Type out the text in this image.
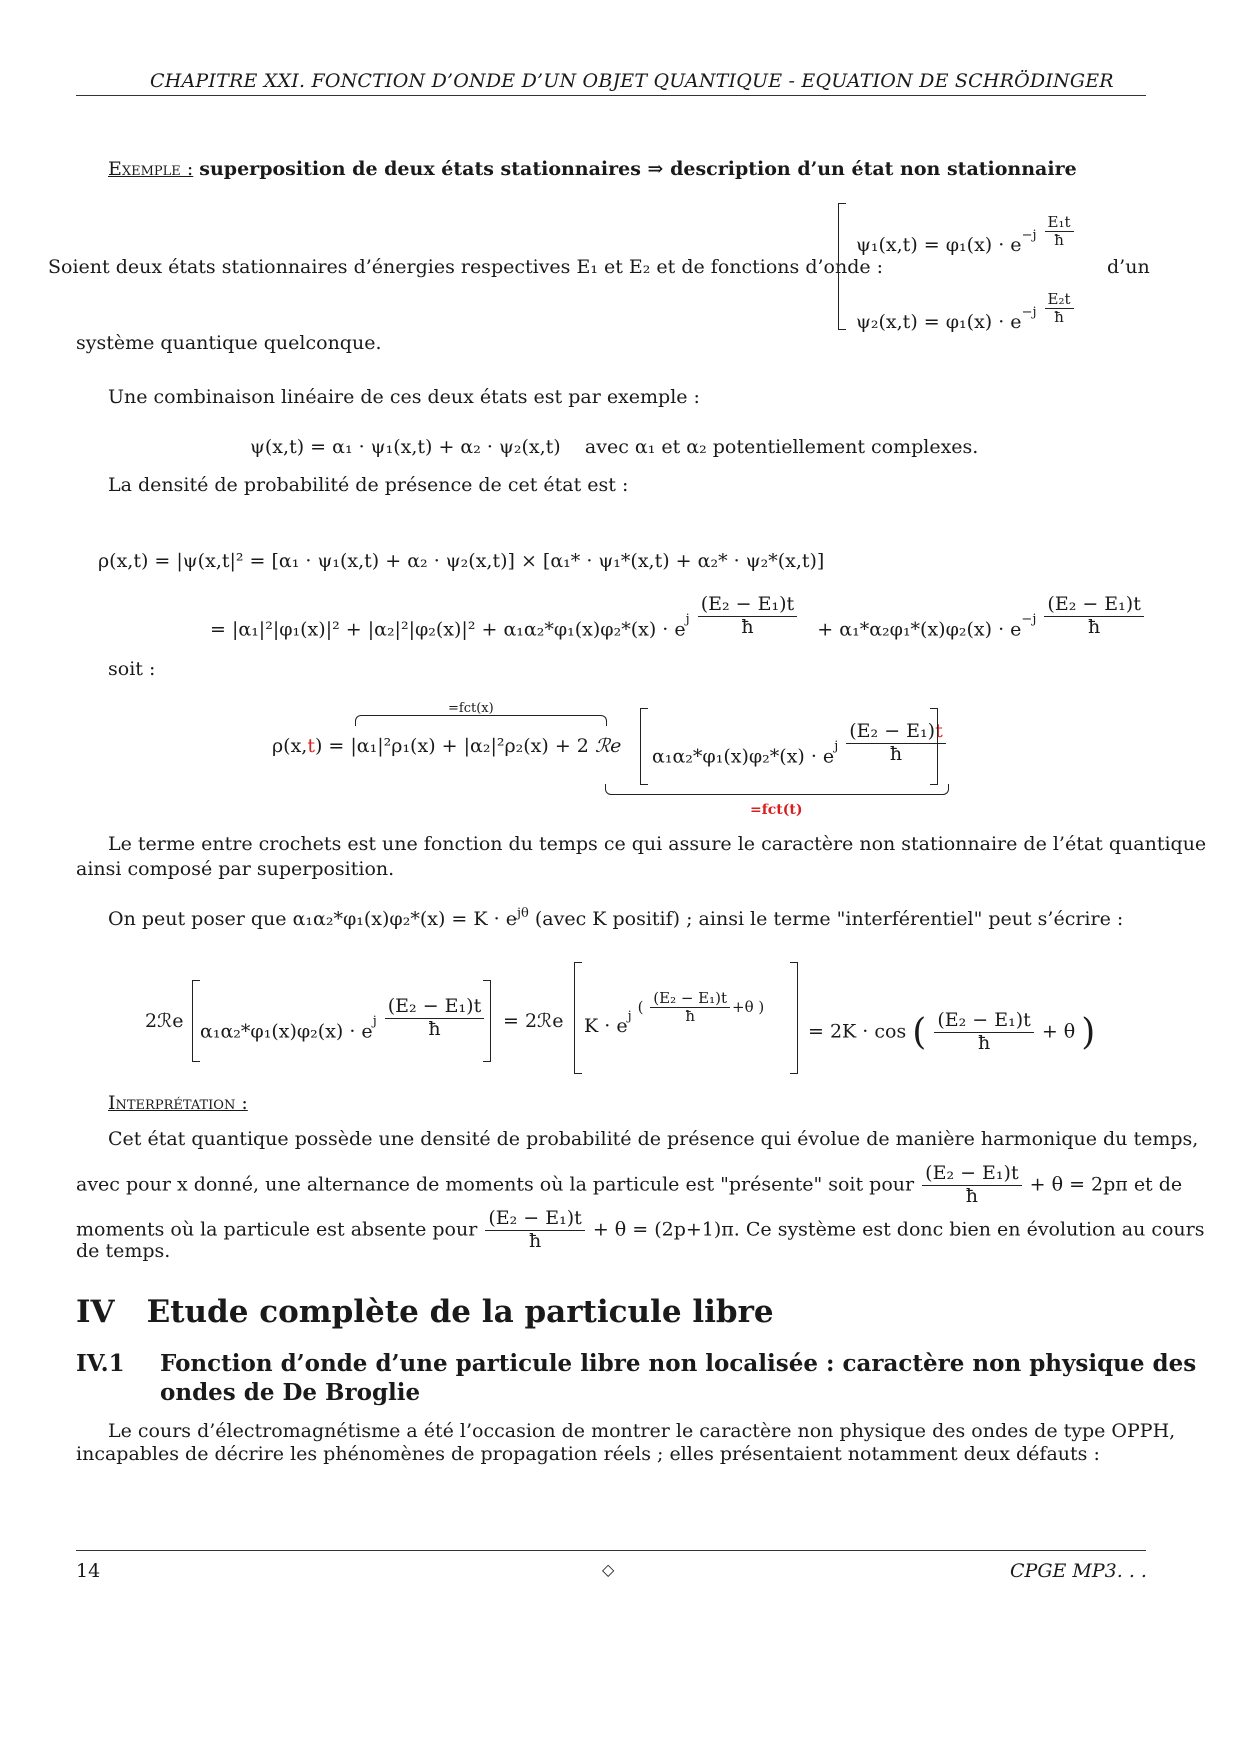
CHAPITRE XXI. FONCTION D’ONDE D’UN OBJET QUANTIQUE - EQUATION DE SCHRÖDINGER
Exemple : superposition de deux états stationnaires ⇒ description d’un état non stationnaire
Soient deux états stationnaires d’énergies respectives E₁ et E₂ et de fonctions d’onde :
$\psi_1(x,t) = \varphi_1(x) \cdot e^{-j} \frac{\text{E₁t}}{ħ}$
$\psi_2(x,t) = \varphi_1(x) \cdot e^{-j} \frac{\text{E₂t}}{ħ}$
d’un
système quantique quelconque.
Une combinaison linéaire de ces deux états est par exemple :
ψ(x,t) = α₁ · ψ₁(x,t) + α₂ · ψ₂(x,t) avec α₁ et α₂ potentiellement complexes.
La densité de probabilité de présence de cet état est :
ρ(x,t) = |ψ(x,t|² = [α₁ · ψ₁(x,t) + α₂ · ψ₂(x,t)] × [α₁* · ψ₁*(x,t) + α₂* · ψ₂*(x,t)]
= $|\alpha_1|^2|\varphi_1(x)|^2 + |\alpha_2|^2|\varphi_2(x)|^2 + \alpha_1\alpha_2*\varphi_1(x)\varphi_2*(x) \cdot e^j \frac{\text{(E₂ − E₁)t}}{ħ} + \alpha_1*\alpha_2\varphi_1*(x)\varphi_2(x) \cdot e^{-j} \frac{\text{(E₂ − E₁)t}}{ħ}$
soit :
=fct(x)
ρ(x,t) = |α₁|²ρ₁(x) + |α₂|²ρ₂(x) + 2 ℛe $\alpha_1\alpha_2*\varphi_1(x)\varphi_2*(x) \cdot e^j \frac{\text{(E₂ − E₁)t}}{ħ}$
=fct(t)
Le terme entre crochets est une fonction du temps ce qui assure le caractère non stationnaire de l’état quantique
ainsi composé par superposition.
On peut poser que $\alpha_1\alpha_2*\varphi_1(x)\varphi_2*(x) = K \cdot e^{j\theta}$ (avec K positif) ; ainsi le terme "interférentiel" peut s’écrire :
2ℛe $\alpha_1\alpha_2*\varphi_1(x)\varphi_2(x) \cdot e^j \frac{\text{(E₂ − E₁)t}}{ħ}$ = 2ℛe $K \cdot e^j$ $^{( \frac{\text{(E₂ − E₁)t}}{ħ} +\theta )}$
= 2K · cos ( $\frac{\text{(E₂ − E₁)t}}{ħ} + \theta$ )
Interprétation :
Cet état quantique possède une densité de probabilité de présence qui évolue de manière harmonique du temps,
avec pour x donné, une alternance de moments où la particule est "présente" soit pour $\frac{\text{(E₂ − E₁)t}}{ħ} + \theta = 2p\pi$ et de
moments où la particule est absente pour $\frac{\text{(E₂ − E₁)t}}{ħ} + \theta = (2p+1)\pi$. Ce système est donc bien en évolution au cours
de temps.
IV Etude complète de la particule libre
IV.1 Fonction d’onde d’une particule libre non localisée : caractère non physique des
ondes de De Broglie
Le cours d’électromagnétisme a été l’occasion de montrer le caractère non physique des ondes de type OPPH,
incapables de décrire les phénomènes de propagation réels ; elles présentaient notamment deux défauts :
14	◇	CPGE MP3. . .
